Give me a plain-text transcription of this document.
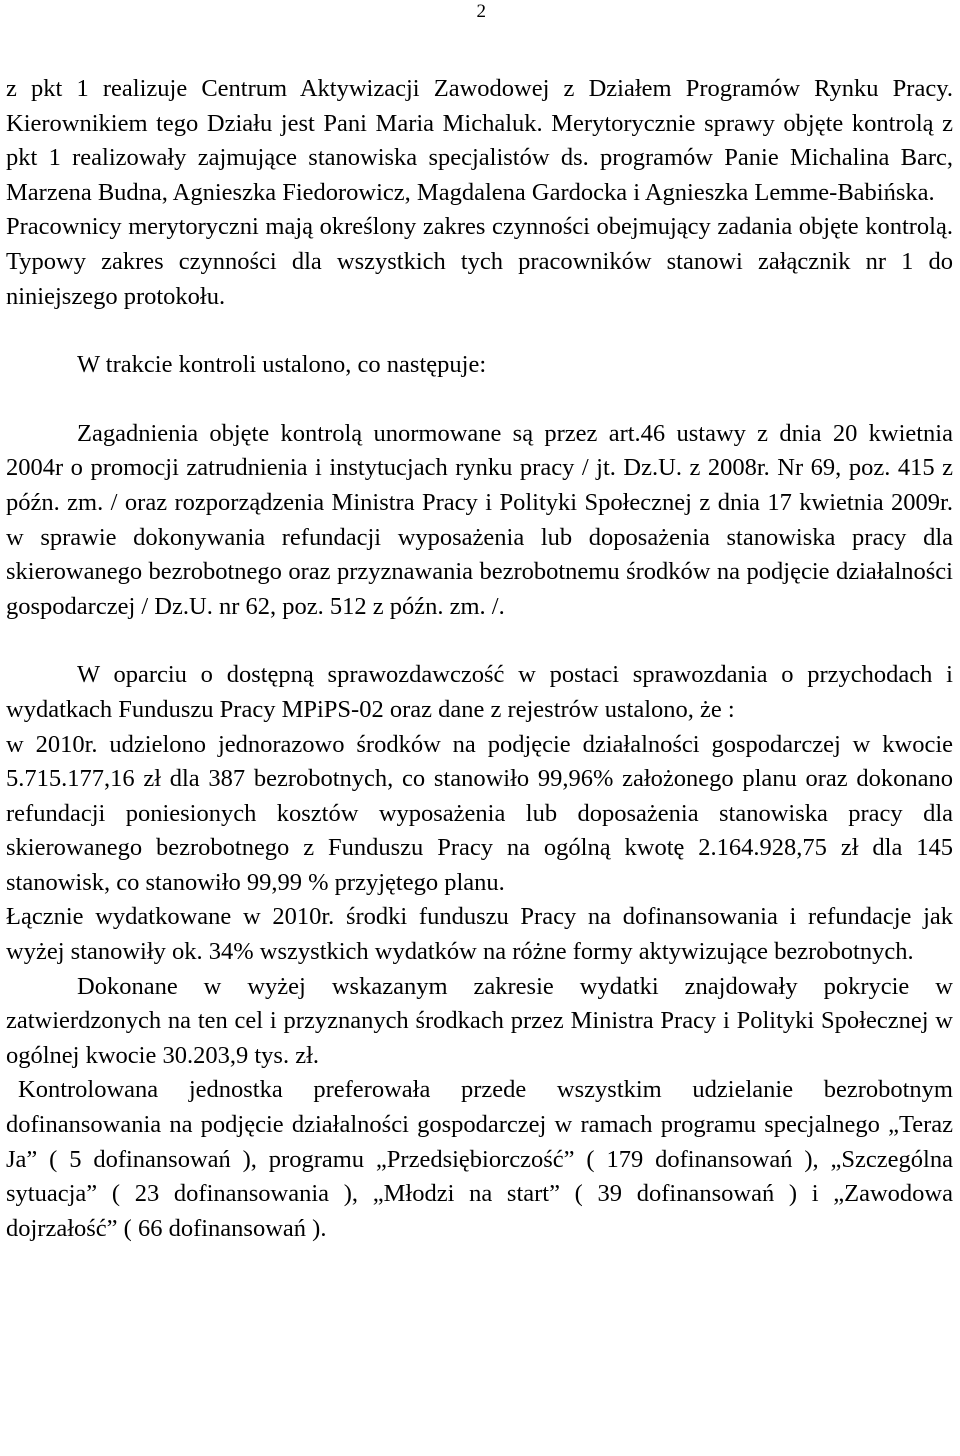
2

z pkt 1 realizuje Centrum Aktywizacji Zawodowej z Działem Programów Rynku Pracy. Kierownikiem tego Działu jest Pani Maria Michaluk. Merytorycznie sprawy objęte kontrolą z pkt 1 realizowały zajmujące stanowiska specjalistów ds. programów Panie Michalina Barc, Marzena Budna, Agnieszka Fiedorowicz, Magdalena Gardocka i Agnieszka Lemme-Babińska.

Pracownicy merytoryczni mają określony zakres czynności obejmujący zadania objęte kontrolą. Typowy zakres czynności dla wszystkich tych pracowników stanowi załącznik nr 1 do niniejszego protokołu.

W trakcie kontroli ustalono, co następuje:

Zagadnienia objęte kontrolą unormowane są przez art.46 ustawy z dnia 20 kwietnia 2004r o promocji zatrudnienia i instytucjach rynku pracy / jt. Dz.U. z 2008r. Nr 69, poz. 415 z późn. zm. / oraz rozporządzenia Ministra Pracy i Polityki Społecznej z dnia 17 kwietnia 2009r. w sprawie dokonywania refundacji wyposażenia lub doposażenia stanowiska pracy dla skierowanego bezrobotnego oraz przyznawania bezrobotnemu środków na podjęcie działalności gospodarczej / Dz.U. nr 62, poz. 512 z późn. zm. /.

W oparciu o dostępną sprawozdawczość w postaci sprawozdania o przychodach i wydatkach Funduszu Pracy MPiPS-02 oraz dane z rejestrów ustalono, że :

w 2010r. udzielono jednorazowo środków na podjęcie działalności gospodarczej w kwocie 5.715.177,16 zł dla 387 bezrobotnych, co stanowiło 99,96% założonego planu oraz dokonano refundacji poniesionych kosztów wyposażenia lub doposażenia stanowiska pracy dla skierowanego bezrobotnego z Funduszu Pracy na ogólną kwotę 2.164.928,75 zł dla 145 stanowisk, co stanowiło 99,99 % przyjętego planu.

Łącznie wydatkowane w 2010r. środki funduszu Pracy na dofinansowania i refundacje jak wyżej stanowiły ok. 34% wszystkich wydatków na różne formy aktywizujące bezrobotnych.

Dokonane w wyżej wskazanym zakresie wydatki znajdowały pokrycie w zatwierdzonych na ten cel i przyznanych środkach przez Ministra Pracy i Polityki Społecznej w ogólnej kwocie 30.203,9 tys. zł.

Kontrolowana jednostka preferowała przede wszystkim udzielanie bezrobotnym dofinansowania na podjęcie działalności gospodarczej w ramach programu specjalnego „Teraz Ja” ( 5 dofinansowań ), programu „Przedsiębiorczość” ( 179 dofinansowań ), „Szczególna sytuacja” ( 23 dofinansowania ), „Młodzi na start” ( 39 dofinansowań ) i „Zawodowa dojrzałość” ( 66 dofinansowań ).
